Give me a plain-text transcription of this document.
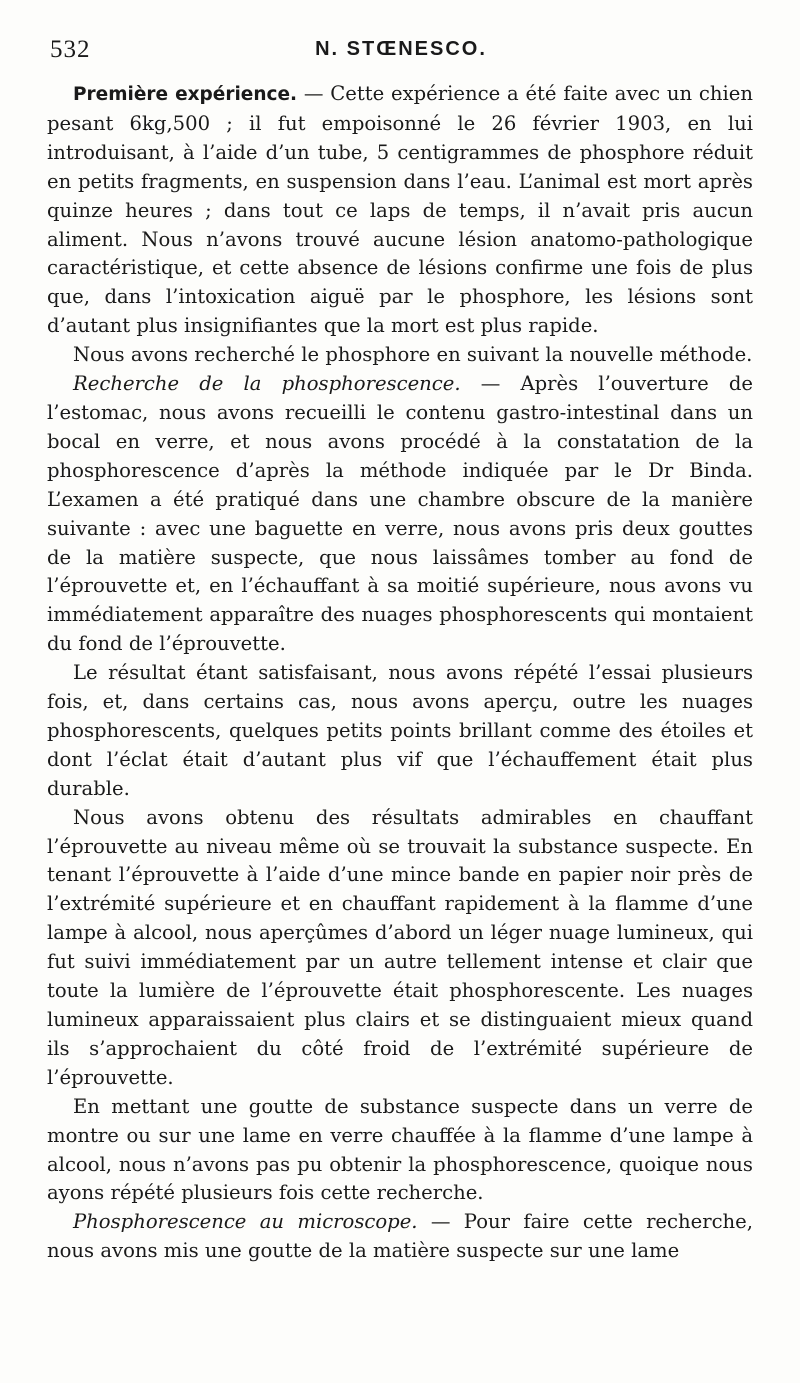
532	N. STŒNESCO.

Première expérience. — Cette expérience a été faite avec un chien pesant 6kg,500 ; il fut empoisonné le 26 février 1903, en lui introduisant, à l’aide d’un tube, 5 centigrammes de phosphore réduit en petits fragments, en suspension dans l’eau. L’animal est mort après quinze heures ; dans tout ce laps de temps, il n’avait pris aucun aliment. Nous n’avons trouvé aucune lésion anatomo-pathologique caractéristique, et cette absence de lésions confirme une fois de plus que, dans l’intoxication aiguë par le phosphore, les lésions sont d’autant plus insignifiantes que la mort est plus rapide.

Nous avons recherché le phosphore en suivant la nouvelle méthode.

Recherche de la phosphorescence. — Après l’ouverture de l’estomac, nous avons recueilli le contenu gastro-intestinal dans un bocal en verre, et nous avons procédé à la constatation de la phosphorescence d’après la méthode indiquée par le Dr Binda. L’examen a été pratiqué dans une chambre obscure de la manière suivante : avec une baguette en verre, nous avons pris deux gouttes de la matière suspecte, que nous laissâmes tomber au fond de l’éprouvette et, en l’échauffant à sa moitié supérieure, nous avons vu immédiatement apparaître des nuages phosphorescents qui montaient du fond de l’éprouvette.

Le résultat étant satisfaisant, nous avons répété l’essai plusieurs fois, et, dans certains cas, nous avons aperçu, outre les nuages phosphorescents, quelques petits points brillant comme des étoiles et dont l’éclat était d’autant plus vif que l’échauffement était plus durable.

Nous avons obtenu des résultats admirables en chauffant l’éprouvette au niveau même où se trouvait la substance suspecte. En tenant l’éprouvette à l’aide d’une mince bande en papier noir près de l’extrémité supérieure et en chauffant rapidement à la flamme d’une lampe à alcool, nous aperçûmes d’abord un léger nuage lumineux, qui fut suivi immédiatement par un autre tellement intense et clair que toute la lumière de l’éprouvette était phosphorescente. Les nuages lumineux apparaissaient plus clairs et se distinguaient mieux quand ils s’approchaient du côté froid de l’extrémité supérieure de l’éprouvette.

En mettant une goutte de substance suspecte dans un verre de montre ou sur une lame en verre chauffée à la flamme d’une lampe à alcool, nous n’avons pas pu obtenir la phosphorescence, quoique nous ayons répété plusieurs fois cette recherche.

Phosphorescence au microscope. — Pour faire cette recherche, nous avons mis une goutte de la matière suspecte sur une lame
